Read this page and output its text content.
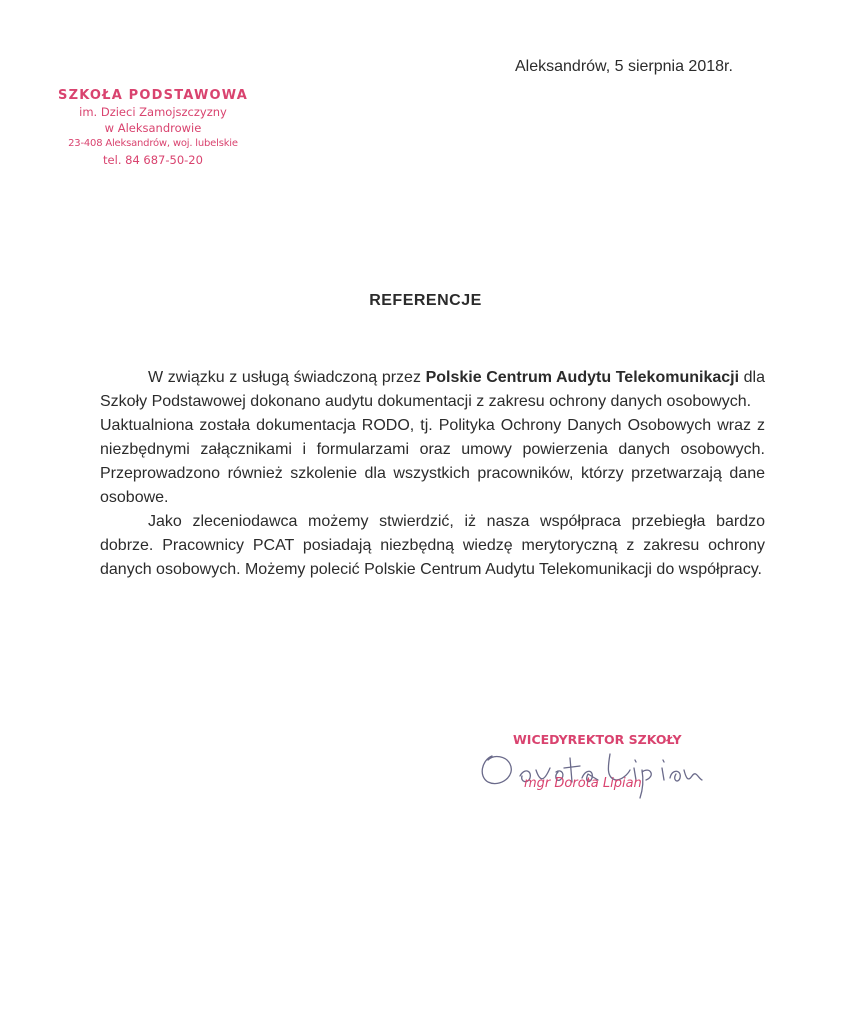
SZKOŁA PODSTAWOWA
im. Dzieci Zamojszczyzny
w Aleksandrowie
23-408 Aleksandrów, woj. lubelskie
tel. 84 687-50-20
Aleksandrów, 5 sierpnia 2018r.
REFERENCJE

W związku z usługą świadczoną przez Polskie Centrum Audytu Telekomunikacji dla Szkoły Podstawowej dokonano audytu dokumentacji z zakresu ochrony danych osobowych.

Uaktualniona została dokumentacja RODO, tj. Polityka Ochrony Danych Osobowych wraz z niezbędnymi załącznikami i formularzami oraz umowy powierzenia danych osobowych. Przeprowadzono również szkolenie dla wszystkich pracowników, którzy przetwarzają dane osobowe.

Jako zleceniodawca możemy stwierdzić, iż nasza współpraca przebiegła bardzo dobrze. Pracownicy PCAT posiadają niezbędną wiedzę merytoryczną z zakresu ochrony danych osobowych. Możemy polecić Polskie Centrum Audytu Telekomunikacji do współpracy.

WICEDYREKTOR SZKOŁY
mgr Dorota Lipian
